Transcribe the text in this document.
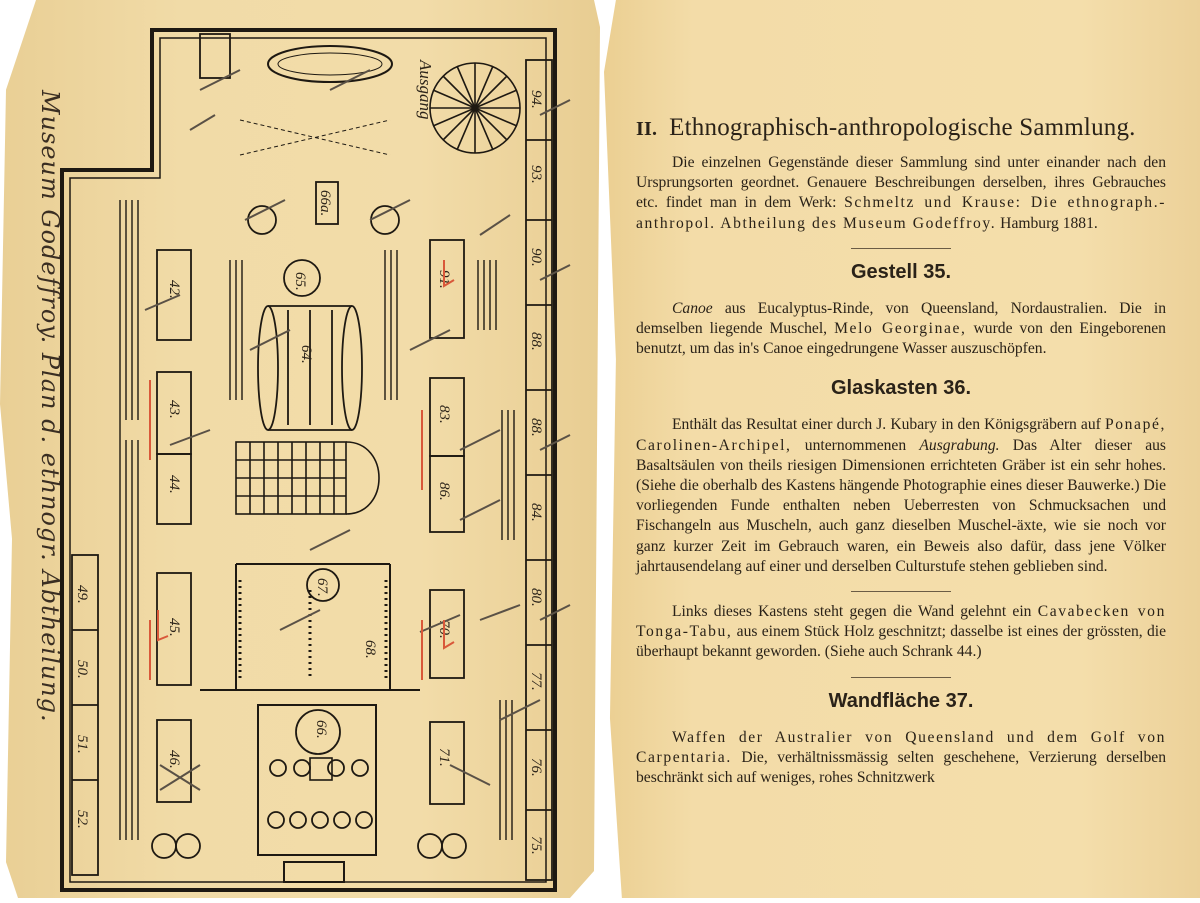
Museum Godeffroy. Plan d. ethnogr. Abtheilung.	94.
93.
90.
88.
88.
84.
80.
77.
76.
75.
49.
50.
51.
52.
Ausgang
42.
43.
44.
45.
46.
64.
65.
66a.
66.
67.
68.
70.
71.
83.
86.
91.
II. Ethnographisch-anthropologische Sammlung.

Die einzelnen Gegenstände dieser Sammlung sind unter einander nach den Ursprungsorten geordnet. Genauere Beschreibungen derselben, ihres Gebrauches etc. findet man in dem Werk: Schmeltz und Krause: Die ethnograph.-anthropol. Abtheilung des Museum Godeffroy. Hamburg 1881.

Gestell 35.

Canoe aus Eucalyptus-Rinde, von Queensland, Nordaustralien. Die in demselben liegende Muschel, Melo Georginae, wurde von den Eingeborenen benutzt, um das in's Canoe eingedrungene Wasser auszuschöpfen.

Glaskasten 36.

Enthält das Resultat einer durch J. Kubary in den Königsgräbern auf Ponapé, Carolinen-Archipel, unternommenen Ausgrabung. Das Alter dieser aus Basaltsäulen von theils riesigen Dimensionen errichteten Gräber ist ein sehr hohes. (Siehe die oberhalb des Kastens hängende Photographie eines dieser Bauwerke.) Die vorliegenden Funde enthalten neben Ueberresten von Schmucksachen und Fischangeln aus Muscheln, auch ganz dieselben Muschel-äxte, wie sie noch vor ganz kurzer Zeit im Gebrauch waren, ein Beweis also dafür, dass jene Völker jahrtausendelang auf einer und derselben Culturstufe stehen geblieben sind.

Links dieses Kastens steht gegen die Wand gelehnt ein Cavabecken von Tonga-Tabu, aus einem Stück Holz geschnitzt; dasselbe ist eines der grössten, die überhaupt bekannt geworden. (Siehe auch Schrank 44.)

Wandfläche 37.

Waffen der Australier von Queensland und dem Golf von Carpentaria. Die, verhältnissmässig selten geschehene, Verzierung derselben beschränkt sich auf weniges, rohes Schnitzwerk
